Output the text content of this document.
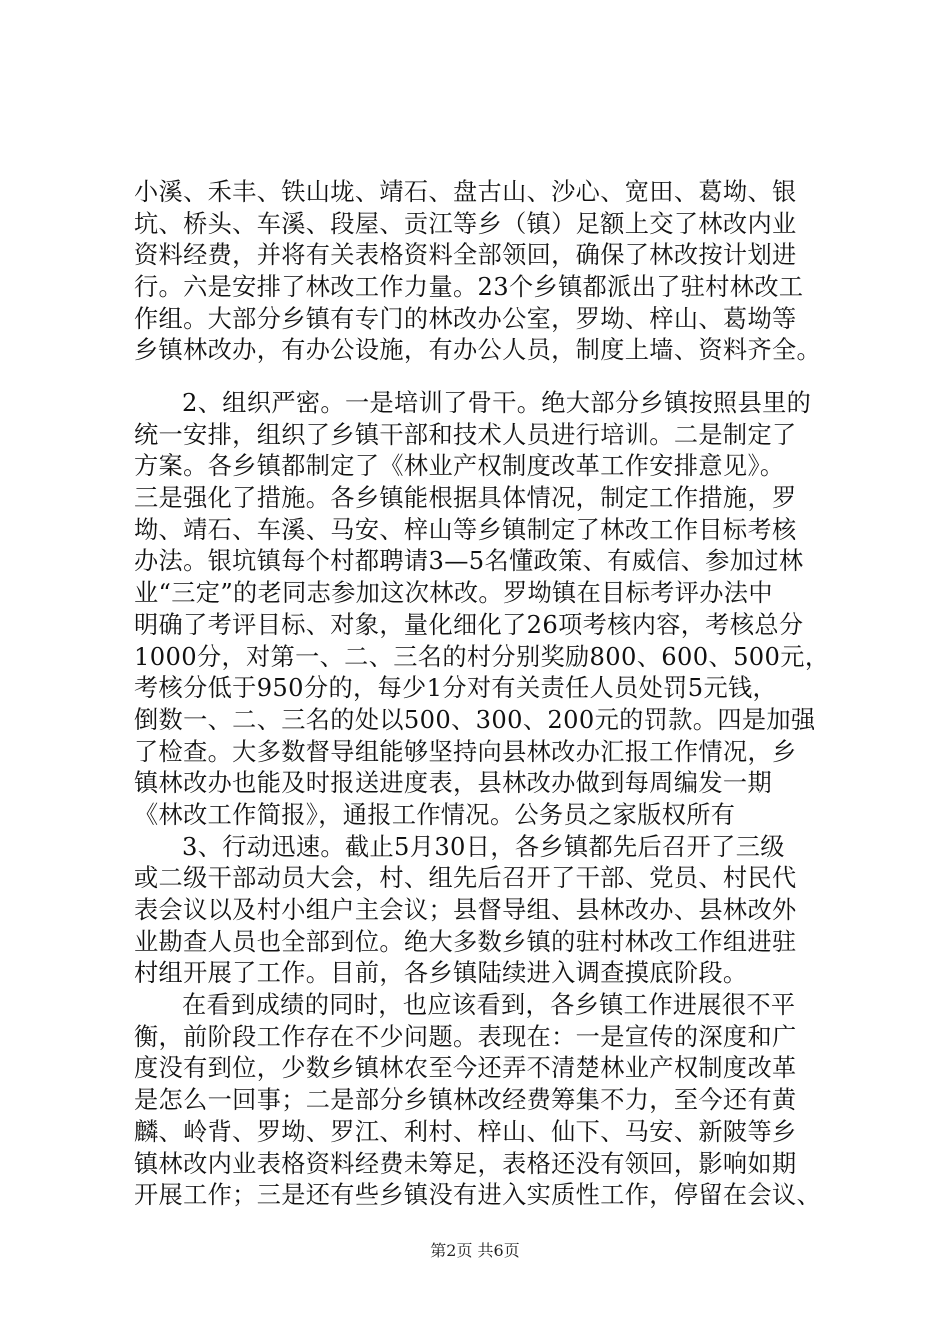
小溪、禾丰、铁山垅、靖石、盘古山、沙心、宽田、葛坳、银
坑、桥头、车溪、段屋、贡江等乡（镇）足额上交了林改内业
资料经费，并将有关表格资料全部领回，确保了林改按计划进
行。六是安排了林改工作力量。23个乡镇都派出了驻村林改工
作组。大部分乡镇有专门的林改办公室，罗坳、梓山、葛坳等
乡镇林改办，有办公设施，有办公人员，制度上墙、资料齐全。
2、组织严密。一是培训了骨干。绝大部分乡镇按照县里的
统一安排，组织了乡镇干部和技术人员进行培训。二是制定了
方案。各乡镇都制定了《林业产权制度改革工作安排意见》。
三是强化了措施。各乡镇能根据具体情况，制定工作措施，罗
坳、靖石、车溪、马安、梓山等乡镇制定了林改工作目标考核
办法。银坑镇每个村都聘请3—5名懂政策、有威信、参加过林
业“三定”的老同志参加这次林改。罗坳镇在目标考评办法中
明确了考评目标、对象，量化细化了26项考核内容，考核总分
1000分，对第一、二、三名的村分别奖励800、600、500元，
考核分低于950分的，每少1分对有关责任人员处罚5元钱，
倒数一、二、三名的处以500、300、200元的罚款。四是加强
了检查。大多数督导组能够坚持向县林改办汇报工作情况，乡
镇林改办也能及时报送进度表，县林改办做到每周编发一期
《林改工作简报》，通报工作情况。公务员之家版权所有
3、行动迅速。截止5月30日，各乡镇都先后召开了三级
或二级干部动员大会，村、组先后召开了干部、党员、村民代
表会议以及村小组户主会议；县督导组、县林改办、县林改外
业勘查人员也全部到位。绝大多数乡镇的驻村林改工作组进驻
村组开展了工作。目前，各乡镇陆续进入调查摸底阶段。
在看到成绩的同时，也应该看到，各乡镇工作进展很不平
衡，前阶段工作存在不少问题。表现在：一是宣传的深度和广
度没有到位，少数乡镇林农至今还弄不清楚林业产权制度改革
是怎么一回事；二是部分乡镇林改经费筹集不力，至今还有黄
麟、岭背、罗坳、罗江、利村、梓山、仙下、马安、新陂等乡
镇林改内业表格资料经费未筹足，表格还没有领回，影响如期
开展工作；三是还有些乡镇没有进入实质性工作，停留在会议、
第2页 共6页
